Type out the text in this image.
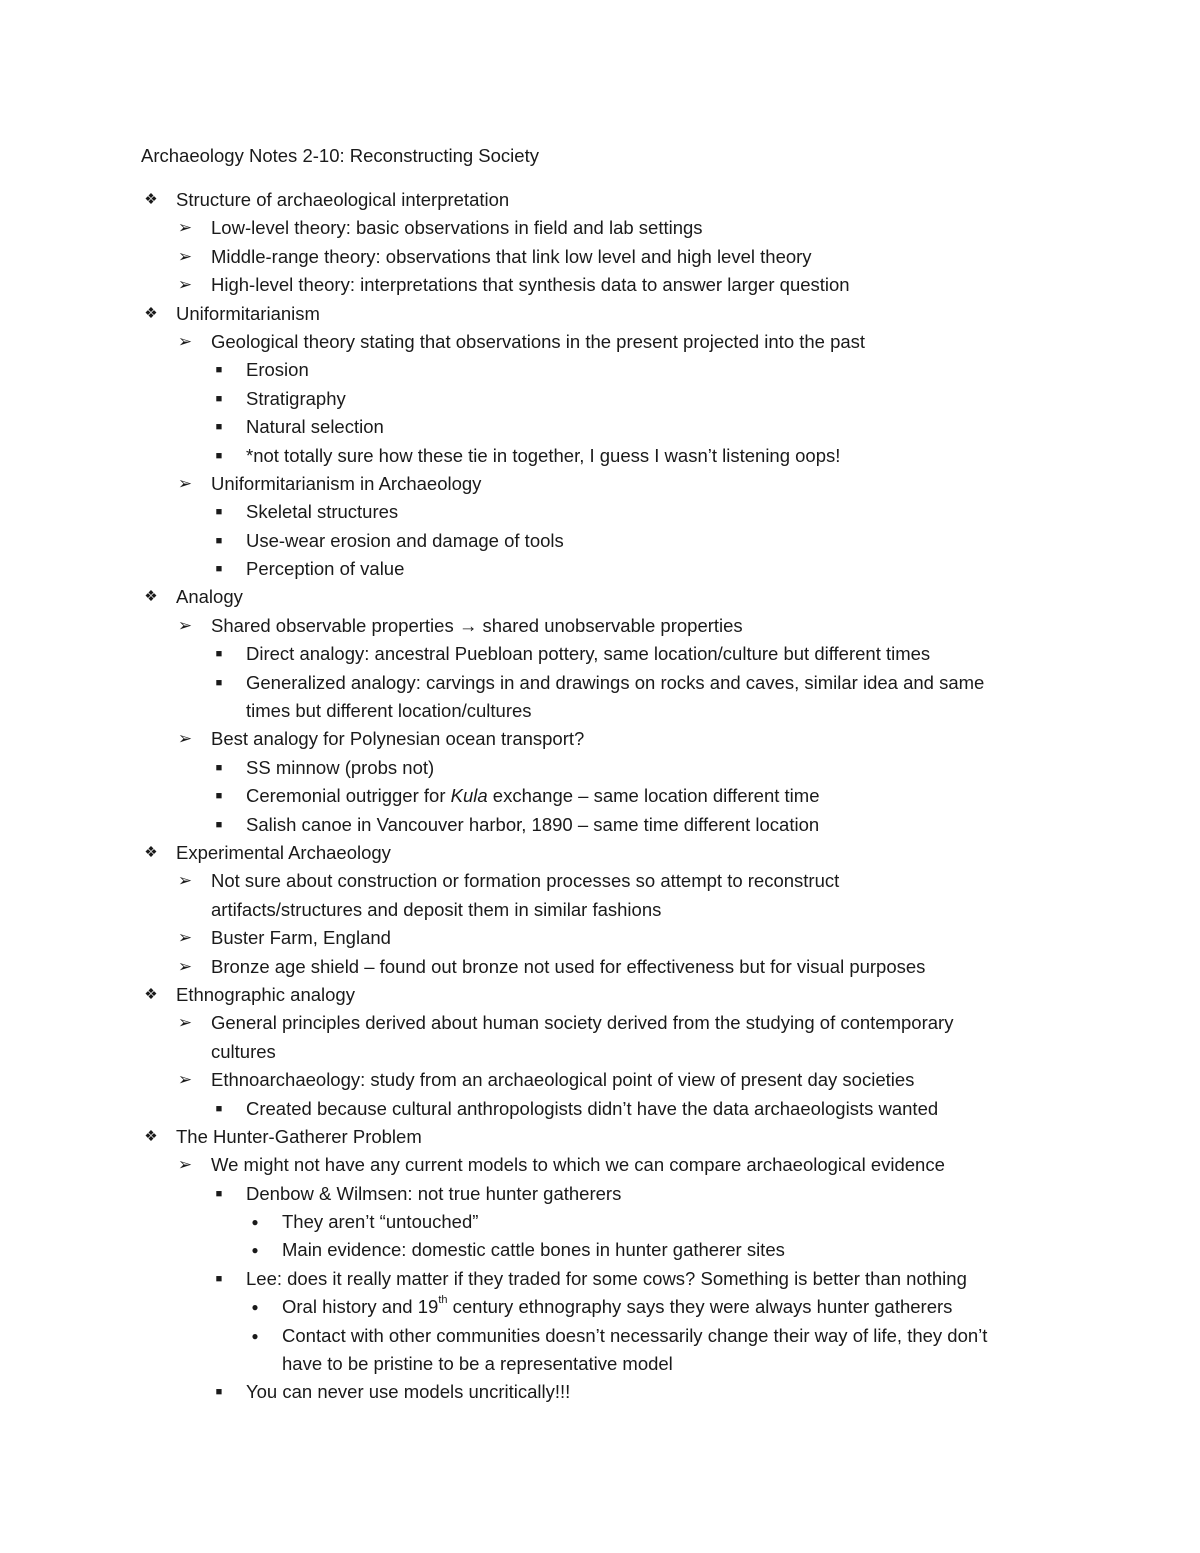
Archaeology Notes 2-10: Reconstructing Society
❖ Structure of archaeological interpretation
➢ Low-level theory: basic observations in field and lab settings
➢ Middle-range theory: observations that link low level and high level theory
➢ High-level theory: interpretations that synthesis data to answer larger question
❖ Uniformitarianism
➢ Geological theory stating that observations in the present projected into the past
■	Erosion
■	Stratigraphy
■	Natural selection
■	*not totally sure how these tie in together, I guess I wasn’t listening oops!
➢ Uniformitarianism in Archaeology
■	Skeletal structures
■	Use-wear erosion and damage of tools
■	Perception of value
❖ Analogy
➢ Shared observable properties → shared unobservable properties
■	Direct analogy: ancestral Puebloan pottery, same location/culture but different times
■	Generalized analogy: carvings in and drawings on rocks and caves, similar idea and same
times but different location/cultures
➢ Best analogy for Polynesian ocean transport?
■	SS minnow (probs not)
■	Ceremonial outrigger for Kula exchange – same location different time
■	Salish canoe in Vancouver harbor, 1890 – same time different location
❖ Experimental Archaeology
➢ Not sure about construction or formation processes so attempt to reconstruct
artifacts/structures and deposit them in similar fashions
➢ Buster Farm, England
➢ Bronze age shield – found out bronze not used for effectiveness but for visual purposes
❖ Ethnographic analogy
➢ General principles derived about human society derived from the studying of contemporary
cultures
➢ Ethnoarchaeology: study from an archaeological point of view of present day societies
■	Created because cultural anthropologists didn’t have the data archaeologists wanted
❖ The Hunter-Gatherer Problem
➢ We might not have any current models to which we can compare archaeological evidence
■	Denbow & Wilmsen: not true hunter gatherers
●	They aren’t “untouched”
●	Main evidence: domestic cattle bones in hunter gatherer sites
■	Lee: does it really matter if they traded for some cows? Something is better than nothing
●	Oral history and 19th century ethnography says they were always hunter gatherers
●	Contact with other communities doesn’t necessarily change their way of life, they don’t
have to be pristine to be a representative model
■	You can never use models uncritically!!!
